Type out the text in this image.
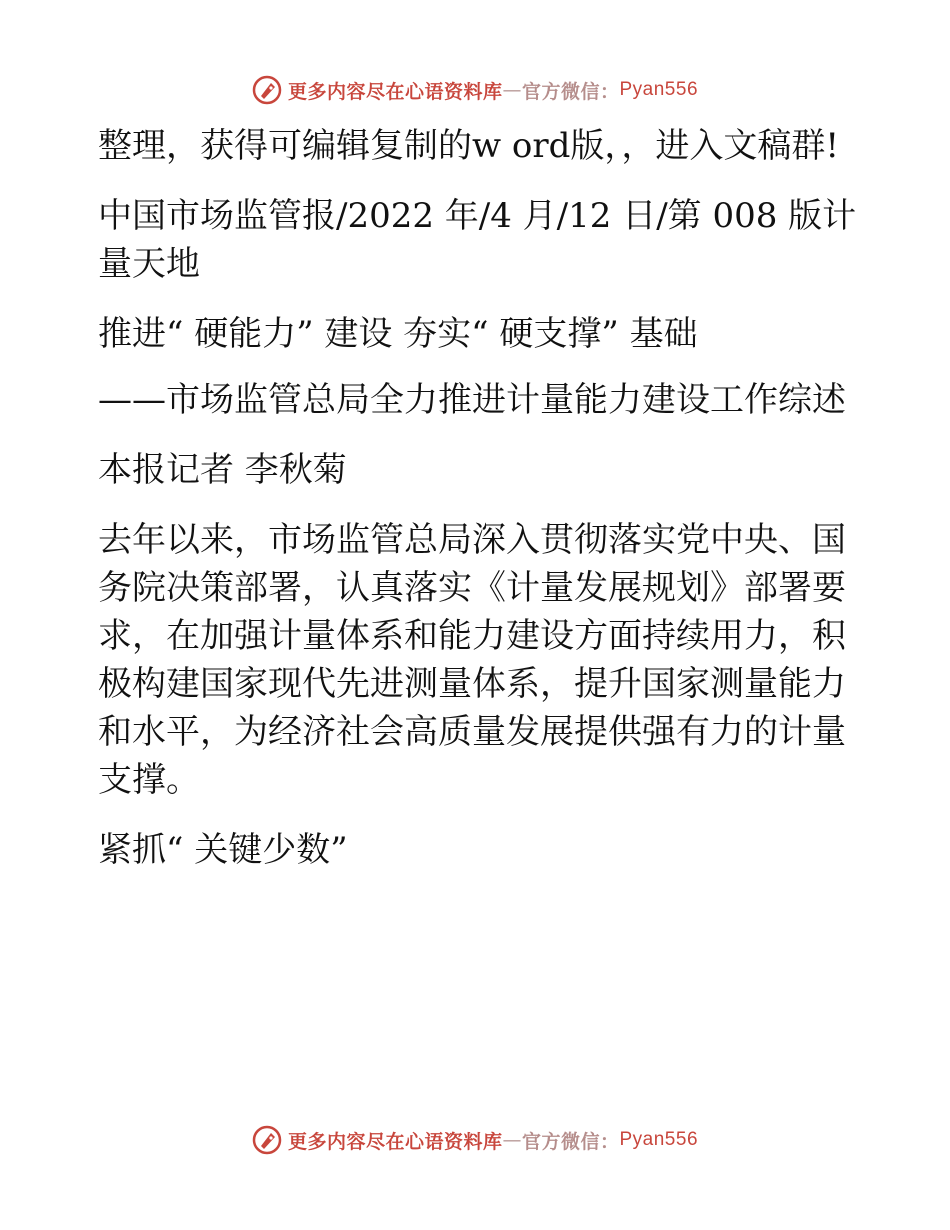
更多内容尽在心语资料库 — 官方微信： Pyan556
整理，获得可编辑复制的w ord版，，进入文稿群!
中国市场监管报/2022 年/4 月/12 日/第 008 版计量天地
推进“ 硬能力” 建设 夯实“ 硬支撑” 基础
——市场监管总局全力推进计量能力建设工作综述
本报记者 李秋菊
去年以来，市场监管总局深入贯彻落实党中央、国务院决策部署，认真落实《计量发展规划》部署要求，在加强计量体系和能力建设方面持续用力，积极构建国家现代先进测量体系，提升国家测量能力和水平，为经济社会高质量发展提供强有力的计量支撑。
紧抓“ 关键少数”
更多内容尽在心语资料库 — 官方微信： Pyan556
